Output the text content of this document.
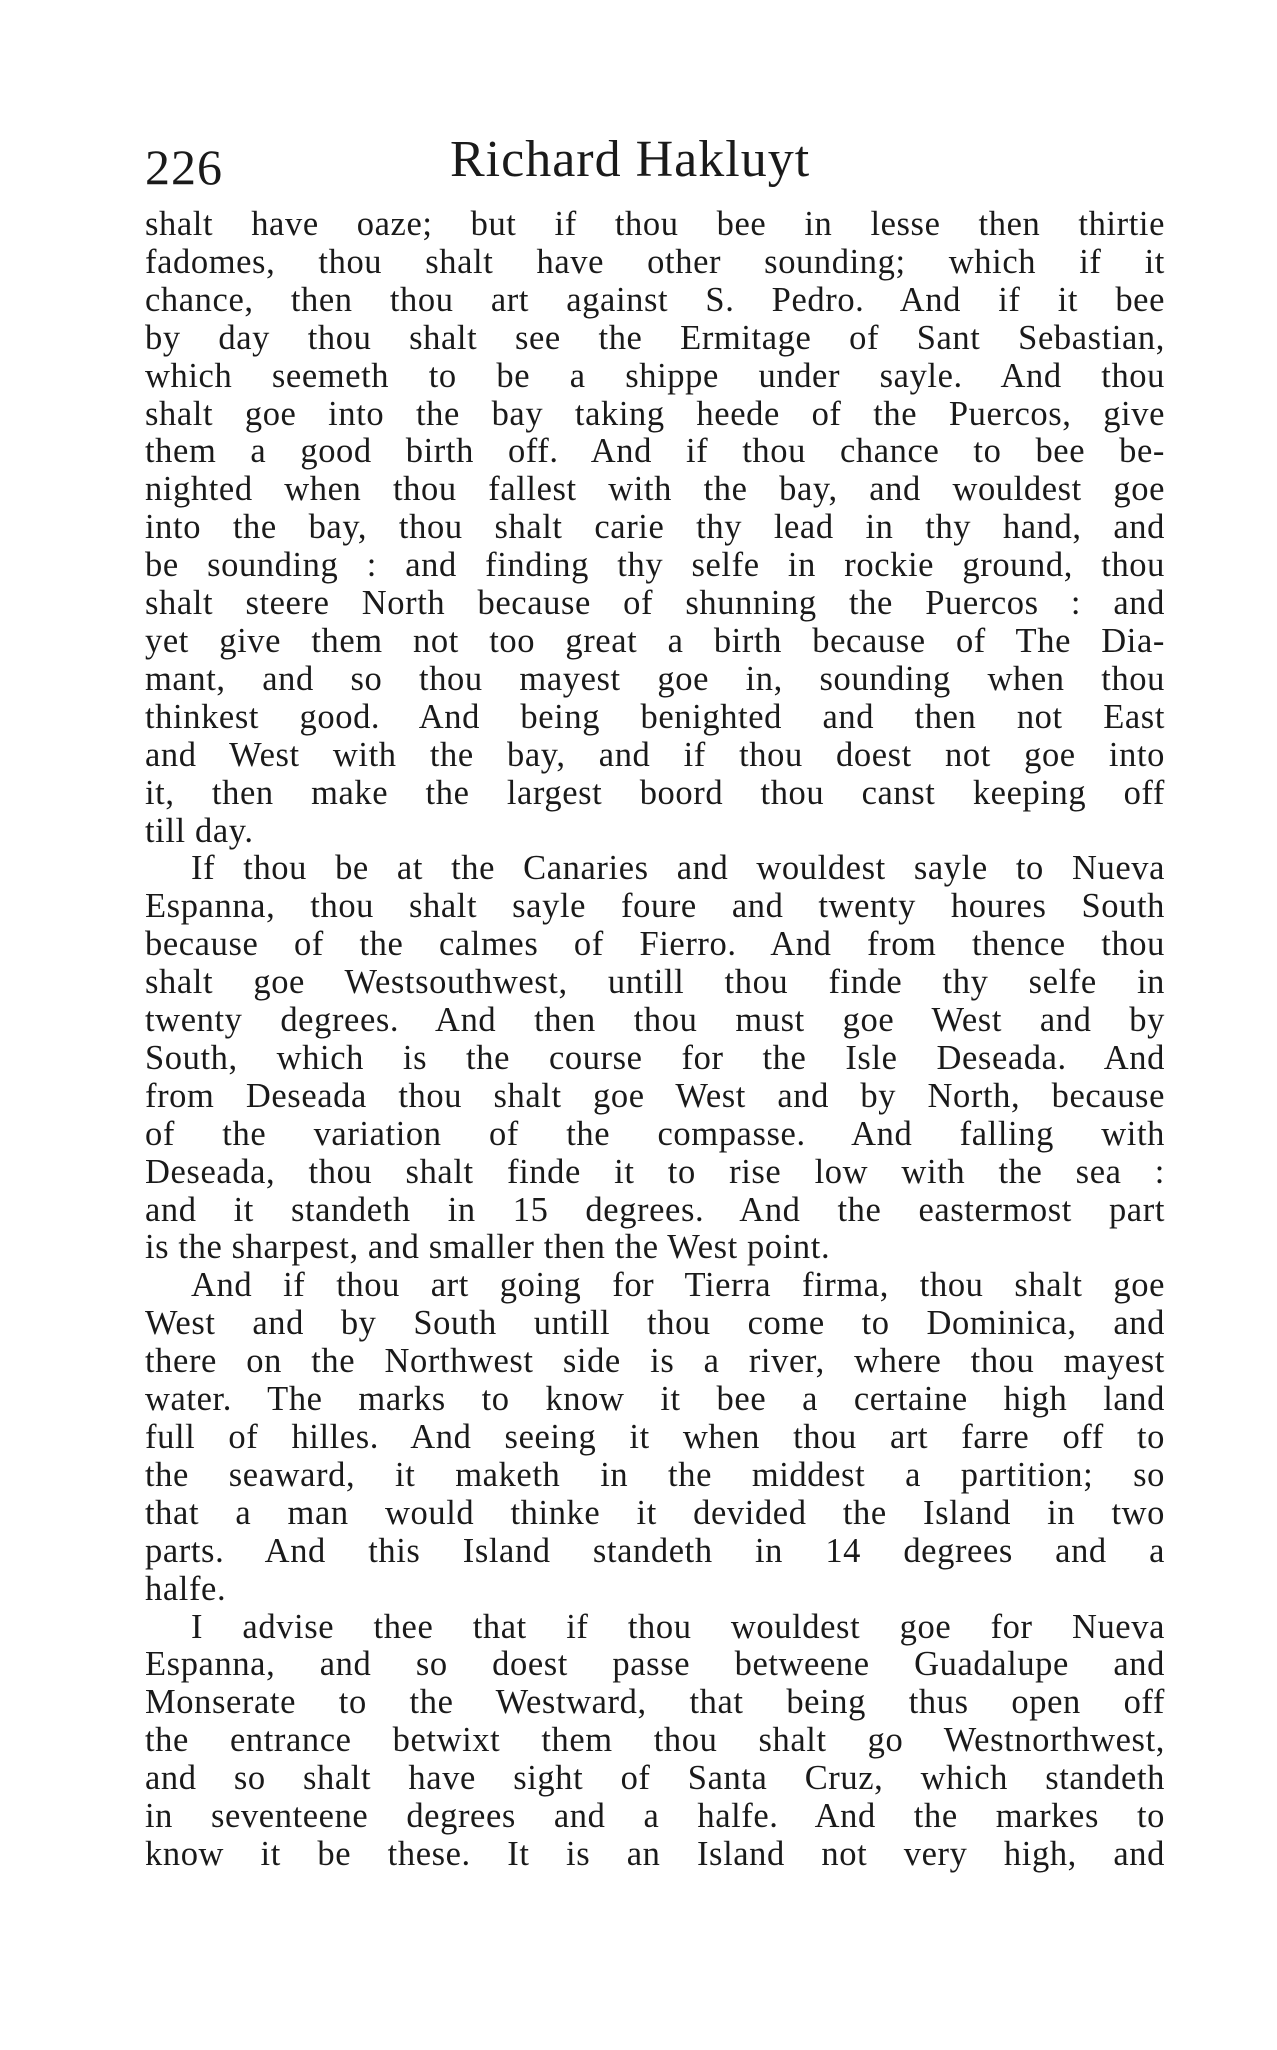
226	Richard Hakluyt
shalt have oaze; but if thou bee in lesse then thirtie
fadomes, thou shalt have other sounding; which if it
chance, then thou art against S. Pedro. And if it bee
by day thou shalt see the Ermitage of Sant Sebastian,
which seemeth to be a shippe under sayle. And thou
shalt goe into the bay taking heede of the Puercos, give
them a good birth off. And if thou chance to bee be-
nighted when thou fallest with the bay, and wouldest goe
into the bay, thou shalt carie thy lead in thy hand, and
be sounding : and finding thy selfe in rockie ground, thou
shalt steere North because of shunning the Puercos : and
yet give them not too great a birth because of The Dia-
mant, and so thou mayest goe in, sounding when thou
thinkest good. And being benighted and then not East
and West with the bay, and if thou doest not goe into
it, then make the largest boord thou canst keeping off
till day.
If thou be at the Canaries and wouldest sayle to Nueva
Espanna, thou shalt sayle foure and twenty houres South
because of the calmes of Fierro. And from thence thou
shalt goe Westsouthwest, untill thou finde thy selfe in
twenty degrees. And then thou must goe West and by
South, which is the course for the Isle Deseada. And
from Deseada thou shalt goe West and by North, because
of the variation of the compasse. And falling with
Deseada, thou shalt finde it to rise low with the sea :
and it standeth in 15 degrees. And the eastermost part
is the sharpest, and smaller then the West point.
And if thou art going for Tierra firma, thou shalt goe
West and by South untill thou come to Dominica, and
there on the Northwest side is a river, where thou mayest
water. The marks to know it bee a certaine high land
full of hilles. And seeing it when thou art farre off to
the seaward, it maketh in the middest a partition; so
that a man would thinke it devided the Island in two
parts. And this Island standeth in 14 degrees and a
halfe.
I advise thee that if thou wouldest goe for Nueva
Espanna, and so doest passe betweene Guadalupe and
Monserate to the Westward, that being thus open off
the entrance betwixt them thou shalt go Westnorthwest,
and so shalt have sight of Santa Cruz, which standeth
in seventeene degrees and a halfe. And the markes to
know it be these. It is an Island not very high, and
